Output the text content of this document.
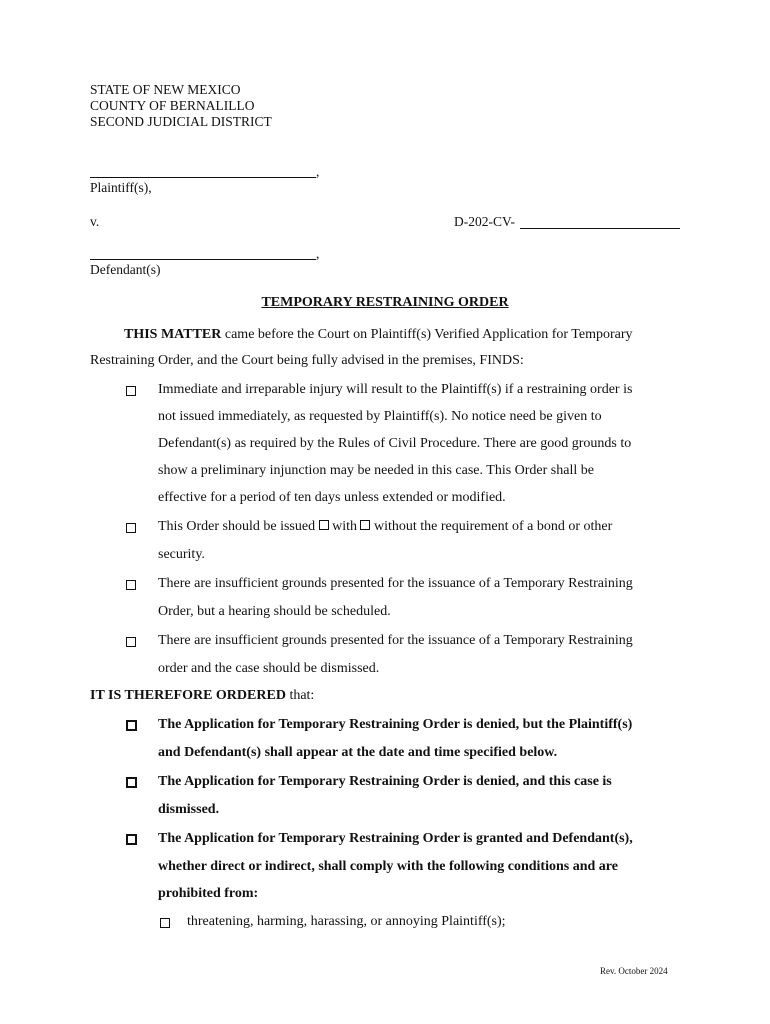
STATE OF NEW MEXICO
COUNTY OF BERNALILLO
SECOND JUDICIAL DISTRICT
,
Plaintiff(s),
v.	D-202-CV-
,
Defendant(s)
TEMPORARY RESTRAINING ORDER
THIS MATTER came before the Court on Plaintiff(s) Verified Application for Temporary
Restraining Order, and the Court being fully advised in the premises, FINDS:
Immediate and irreparable injury will result to the Plaintiff(s) if a restraining order is
not issued immediately, as requested by Plaintiff(s). No notice need be given to
Defendant(s) as required by the Rules of Civil Procedure. There are good grounds to
show a preliminary injunction may be needed in this case. This Order shall be
effective for a period of ten days unless extended or modified.
This Order should be issued  with  without the requirement of a bond or other
security.
There are insufficient grounds presented for the issuance of a Temporary Restraining
Order, but a hearing should be scheduled.
There are insufficient grounds presented for the issuance of a Temporary Restraining
order and the case should be dismissed.
IT IS THEREFORE ORDERED that:
The Application for Temporary Restraining Order is denied, but the Plaintiff(s)
and Defendant(s) shall appear at the date and time specified below.
The Application for Temporary Restraining Order is denied, and this case is
dismissed.
The Application for Temporary Restraining Order is granted and Defendant(s),
whether direct or indirect, shall comply with the following conditions and are
prohibited from:
threatening, harming, harassing, or annoying Plaintiff(s);
Rev. October 2024
